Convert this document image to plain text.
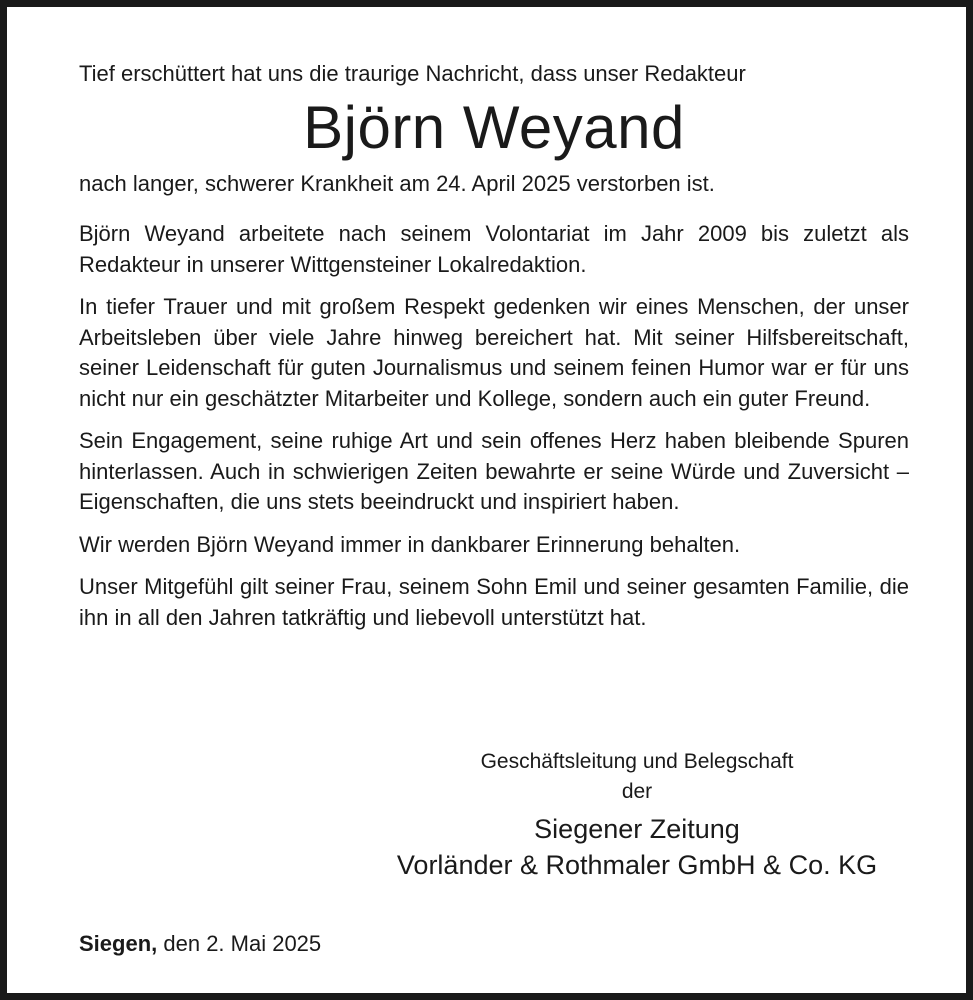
Tief erschüttert hat uns die traurige Nachricht, dass unser Redakteur

Björn Weyand

nach langer, schwerer Krankheit am 24. April 2025 verstorben ist.

Björn Weyand arbeitete nach seinem Volontariat im Jahr 2009 bis zuletzt als Redakteur in unserer Wittgensteiner Lokalredaktion.

In tiefer Trauer und mit großem Respekt gedenken wir eines Menschen, der unser Arbeitsleben über viele Jahre hinweg bereichert hat. Mit seiner Hilfsbereitschaft, seiner Leidenschaft für guten Journalismus und seinem feinen Humor war er für uns nicht nur ein geschätzter Mitarbeiter und Kollege, sondern auch ein guter Freund.

Sein Engagement, seine ruhige Art und sein offenes Herz haben bleibende Spuren hinterlassen. Auch in schwierigen Zeiten bewahrte er seine Würde und Zuversicht – Eigenschaften, die uns stets beeindruckt und inspiriert haben.

Wir werden Björn Weyand immer in dankbarer Erinnerung behalten.

Unser Mitgefühl gilt seiner Frau, seinem Sohn Emil und seiner gesamten Familie, die ihn in all den Jahren tatkräftig und liebevoll unterstützt hat.

Geschäftsleitung und Belegschaft

der

Siegener Zeitung

Vorländer & Rothmaler GmbH & Co. KG

Siegen, den 2. Mai 2025
